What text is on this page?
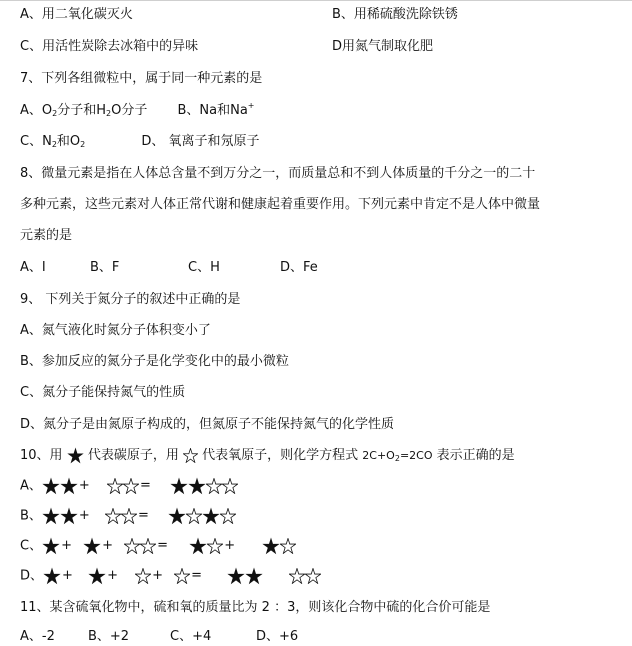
A、用二氧化碳灭火	B、用稀硫酸洗除铁锈
C、用活性炭除去冰箱中的异味	D用氮气制取化肥
7、下列各组微粒中，属于同一种元素的是
A、$O_2$分子和$H_2O$分子 B、Na和Na+
C、$N_2$和$O_2$	D、 氧离子和氖原子
8、微量元素是指在人体总含量不到万分之一，而质量总和不到人体质量的千分之一的二十
多种元素，这些元素对人体正常代谢和健康起着重要作用。下列元素中肯定不是人体中微量
元素的是
A、I	B、F	C、H	D、Fe
9、 下列关于氮分子的叙述中正确的是
A、氮气液化时氮分子体积变小了
B、参加反应的氮分子是化学变化中的最小微粒
C、氮分子能保持氮气的性质
D、氮分子是由氮原子构成的，但氮原子不能保持氮气的化学性质
10、用 代表碳原子，用 代表氧原子，则化学方程式 $2C+O_2=2CO$ 表示正确的是
A、	+	=
B、	+	=
C、 + +	=	+
D、 +	+	+ =

11、某含硫氧化物中，硫和氧的质量比为 2 ：3，则该化合物中硫的化合价可能是
A、-2	B、+2	C、+4	D、+6
